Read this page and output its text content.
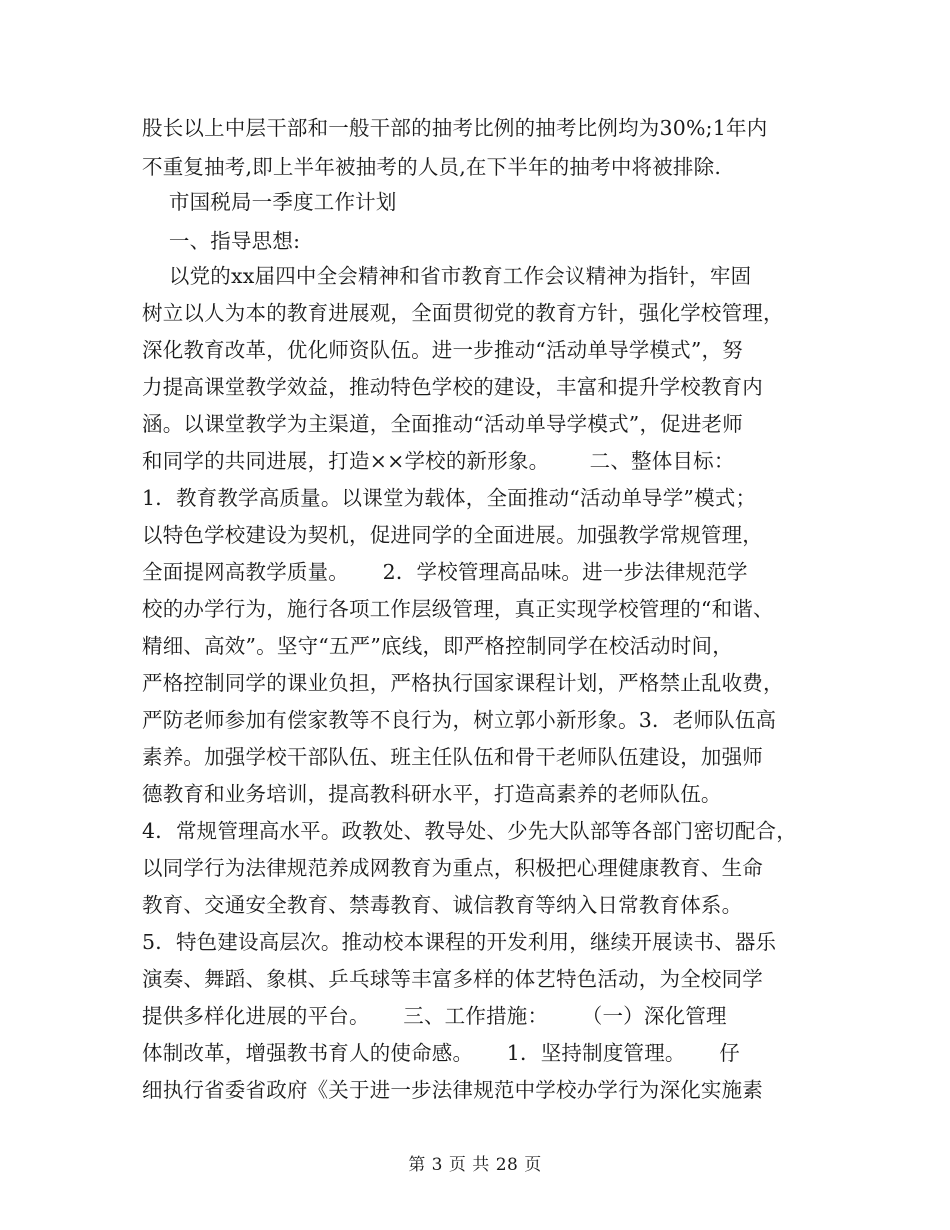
股长以上中层干部和一般干部的抽考比例的抽考比例均为30%;1年内
不重复抽考,即上半年被抽考的人员,在下半年的抽考中将被排除.
市国税局一季度工作计划
一、指导思想:
以党的xx届四中全会精神和省市教育工作会议精神为指针，牢固
树立以人为本的教育进展观，全面贯彻党的教育方针，强化学校管理，
深化教育改革，优化师资队伍。进一步推动“活动单导学模式”，努
力提高课堂教学效益，推动特色学校的建设，丰富和提升学校教育内
涵。以课堂教学为主渠道，全面推动“活动单导学模式”，促进老师
和同学的共同进展，打造××学校的新形象。      二、整体目标：
1．教育教学高质量。以课堂为载体，全面推动“活动单导学”模式；
以特色学校建设为契机，促进同学的全面进展。加强教学常规管理，
全面提网高教学质量。     2．学校管理高品味。进一步法律规范学
校的办学行为，施行各项工作层级管理，真正实现学校管理的“和谐、
精细、高效”。坚守“五严”底线，即严格控制同学在校活动时间，
严格控制同学的课业负担，严格执行国家课程计划，严格禁止乱收费，
严防老师参加有偿家教等不良行为，树立郭小新形象。3．老师队伍高
素养。加强学校干部队伍、班主任队伍和骨干老师队伍建设，加强师
德教育和业务培训，提高教科研水平，打造高素养的老师队伍。
4．常规管理高水平。政教处、教导处、少先大队部等各部门密切配合，
以同学行为法律规范养成网教育为重点，积极把心理健康教育、生命
教育、交通安全教育、禁毒教育、诚信教育等纳入日常教育体系。
5．特色建设高层次。推动校本课程的开发利用，继续开展读书、器乐
演奏、舞蹈、象棋、乒乓球等丰富多样的体艺特色活动，为全校同学
提供多样化进展的平台。     三、工作措施：     （一）深化管理
体制改革，增强教书育人的使命感。     1．坚持制度管理。     仔
细执行省委省政府《关于进一步法律规范中学校办学行为深化实施素
第 3 页 共 28 页
